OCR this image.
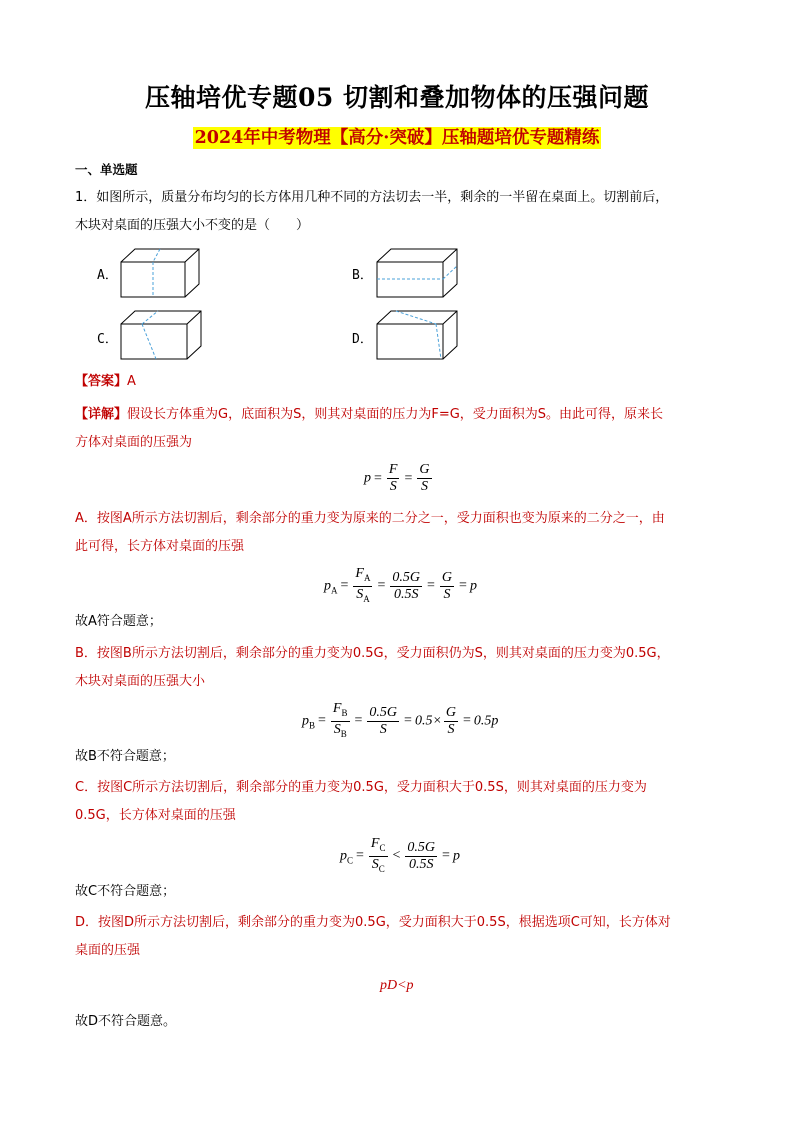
压轴培优专题05 切割和叠加物体的压强问题
2024年中考物理【高分·突破】压轴题培优专题精练
一、单选题
1．如图所示，质量分布均匀的长方体用几种不同的方法切去一半，剩余的一半留在桌面上。切割前后，
木块对桌面的压强大小不变的是（　　）
A．	B．
C．	D．
【答案】A
【详解】假设长方体重为G，底面积为S，则其对桌面的压力为F=G，受力面积为S。由此可得，原来长
方体对桌面的压强为
$p = \frac{F}{S} = \frac{G}{S}$
A．按图A所示方法切割后，剩余部分的重力变为原来的二分之一，受力面积也变为原来的二分之一，由
此可得，长方体对桌面的压强
$p_A = \frac{F_A}{S_A} = \frac{0.5G}{0.5S} = \frac{G}{S} = p$
故A符合题意；
B．按图B所示方法切割后，剩余部分的重力变为0.5G，受力面积仍为S，则其对桌面的压力变为0.5G，
木块对桌面的压强大小
$p_B = \frac{F_B}{S_B} = \frac{0.5G}{S} = 0.5\times \frac{G}{S} = 0.5p$
故B不符合题意；
C．按图C所示方法切割后，剩余部分的重力变为0.5G，受力面积大于0.5S，则其对桌面的压力变为
0.5G，长方体对桌面的压强
$p_C = \frac{F_C}{S_C} < \frac{0.5G}{0.5S} = p$
故C不符合题意；
D．按图D所示方法切割后，剩余部分的重力变为0.5G，受力面积大于0.5S，根据选项C可知，长方体对
桌面的压强
pD<p
故D不符合题意。
